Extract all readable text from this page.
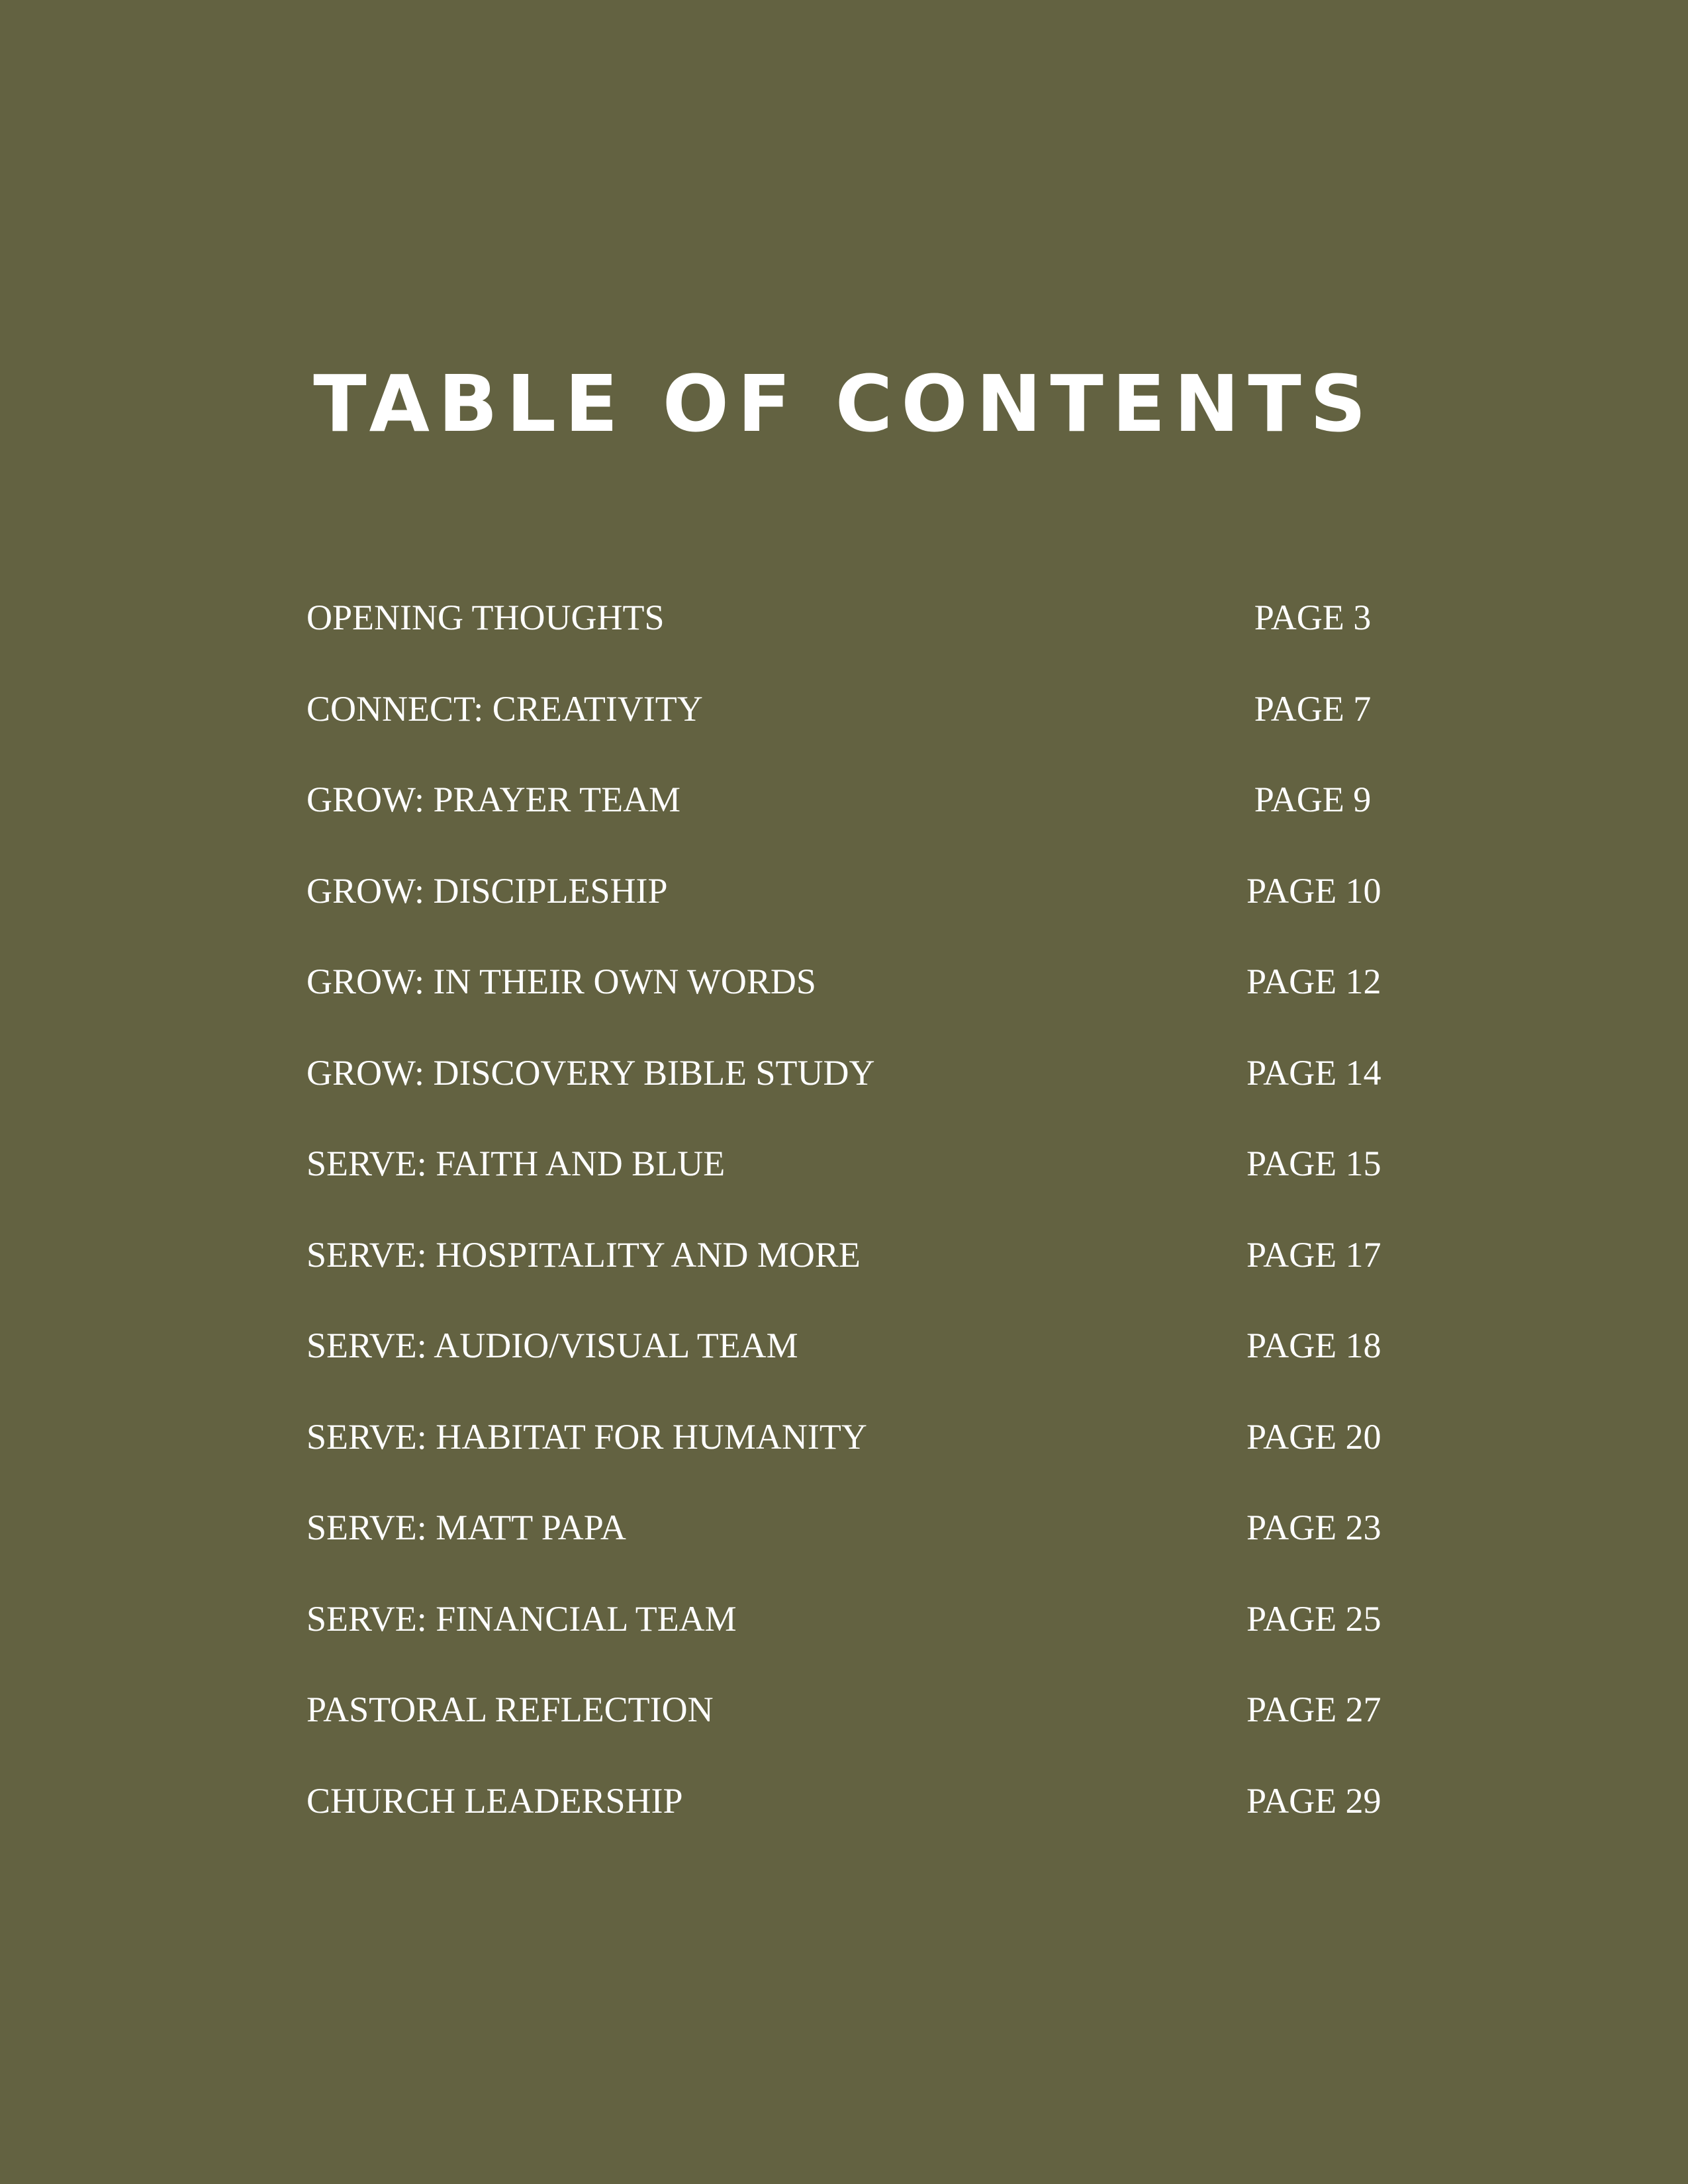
TABLE OF CONTENTS
OPENING THOUGHTS	PAGE 3
CONNECT: CREATIVITY	PAGE 7
GROW: PRAYER TEAM	PAGE 9
GROW: DISCIPLESHIP	PAGE 10
GROW: IN THEIR OWN WORDS	PAGE 12
GROW: DISCOVERY BIBLE STUDY	PAGE 14
SERVE: FAITH AND BLUE	PAGE 15
SERVE: HOSPITALITY AND MORE	PAGE 17
SERVE: AUDIO/VISUAL TEAM	PAGE 18
SERVE: HABITAT FOR HUMANITY	PAGE 20
SERVE: MATT PAPA	PAGE 23
SERVE: FINANCIAL TEAM	PAGE 25
PASTORAL REFLECTION	PAGE 27
CHURCH LEADERSHIP	PAGE 29
